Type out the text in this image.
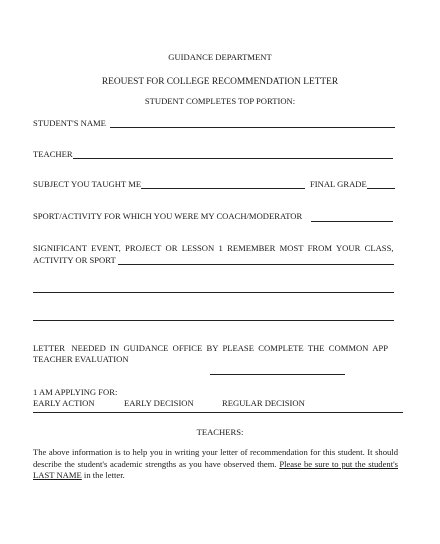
GUIDANCE DEPARTMENT
REOUEST FOR COLLEGE RECOMMENDATION LETTER
STUDENT COMPLETES TOP PORTION:
STUDENT'S NAME
TEACHER
SUBJECT YOU TAUGHT ME	FINAL GRADE
SPORT/ACTIVITY FOR WHICH YOU WERE MY COACH/MODERATOR
SIGNIFICANT  EVENT,  PROJECT  OR  LESSON  1  REMEMBER  MOST  FROM  YOUR  CLASS,
ACTIVITY OR SPORT
LETTER   NEEDED  IN  GUIDANCE  OFFICE  BY  PLEASE  COMPLETE  THE  COMMON  APP
TEACHER EVALUATION
1 AM APPLYING FOR:
EARLY ACTION	EARLY DECISION	REGULAR DECISION
TEACHERS:
The above information is to help you in writing your letter of recommendation for this student. It should describe the student's academic strengths as you have observed them. Please be sure to put the student's LAST NAME in the letter.
